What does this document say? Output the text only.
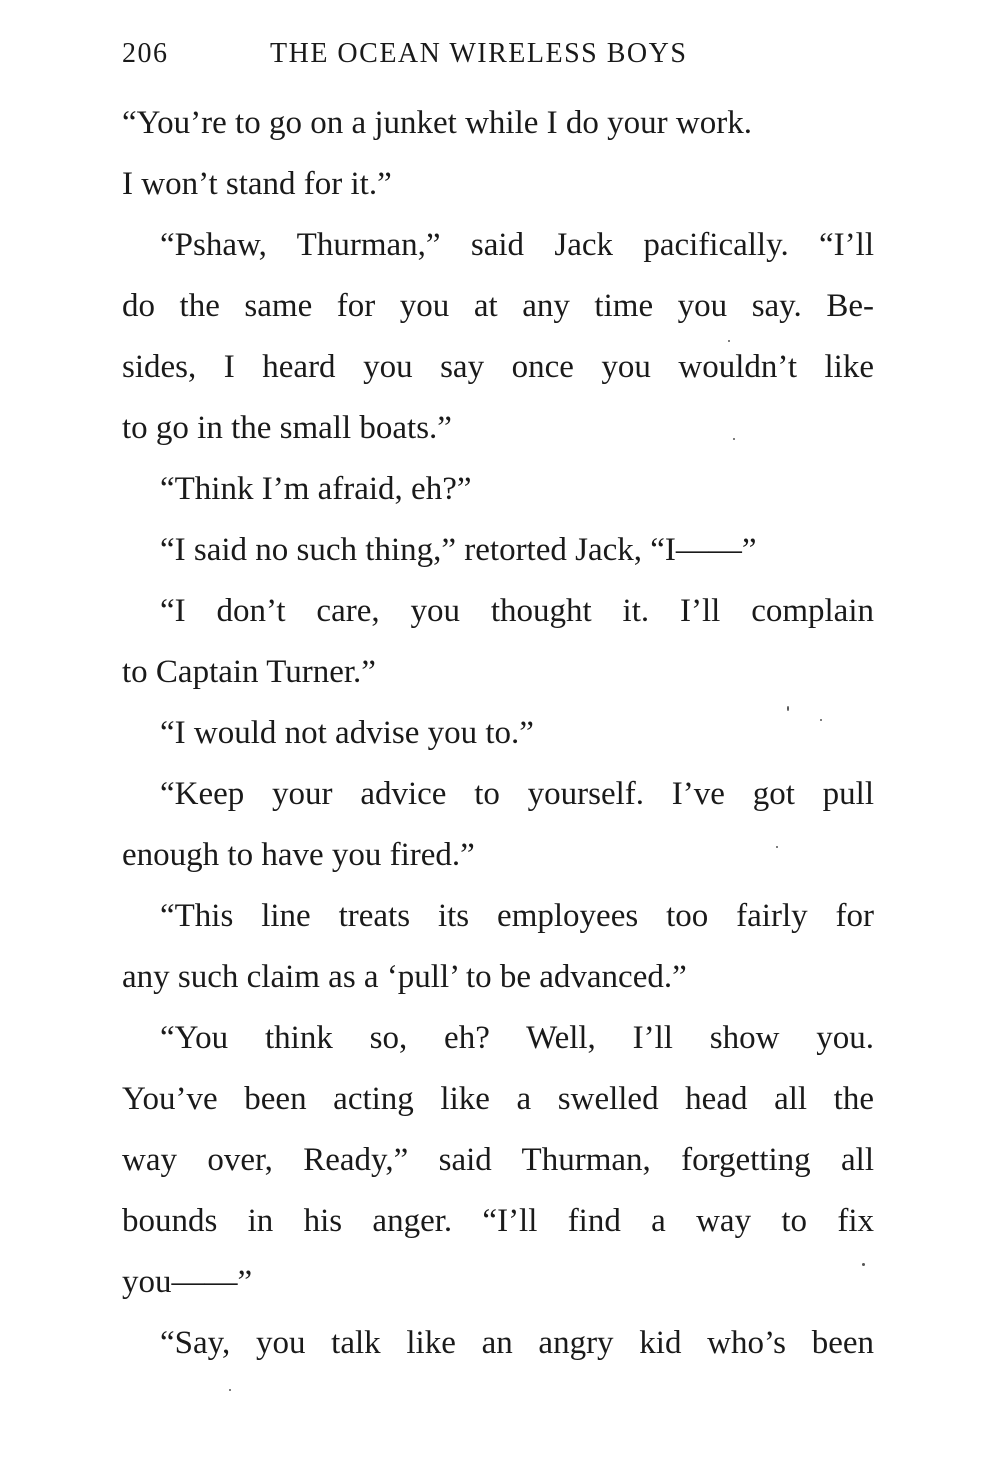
206	THE OCEAN WIRELESS BOYS
“You’re to go on a junket while I do your work.
I won’t stand for it.”
“Pshaw, Thurman,” said Jack pacifically. “I’ll
do the same for you at any time you say. Be-
sides, I heard you say once you wouldn’t like
to go in the small boats.”
“Think I’m afraid, eh?”
“I said no such thing,” retorted Jack, “I——”
“I don’t care, you thought it. I’ll complain
to Captain Turner.”
“I would not advise you to.”
“Keep your advice to yourself. I’ve got pull
enough to have you fired.”
“This line treats its employees too fairly for
any such claim as a ‘pull’ to be advanced.”
“You think so, eh? Well, I’ll show you.
You’ve been acting like a swelled head all the
way over, Ready,” said Thurman, forgetting all
bounds in his anger. “I’ll find a way to fix
you——”
“Say, you talk like an angry kid who’s been
